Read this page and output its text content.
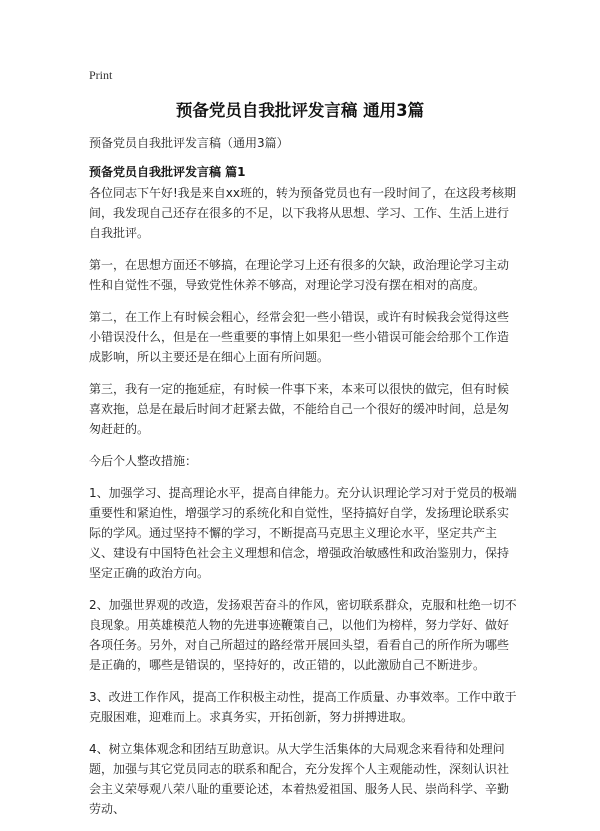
Print
预备党员自我批评发言稿 通用3篇
预备党员自我批评发言稿（通用3篇）
预备党员自我批评发言稿 篇1

各位同志下午好!我是来自xx班的，转为预备党员也有一段时间了，在这段考核期间，我发现自己还存在很多的不足，以下我将从思想、学习、工作、生活上进行自我批评。

第一，在思想方面还不够搞，在理论学习上还有很多的欠缺，政治理论学习主动性和自觉性不强，导致党性休养不够高，对理论学习没有摆在相对的高度。

第二，在工作上有时候会粗心，经常会犯一些小错误，或许有时候我会觉得这些小错误没什么，但是在一些重要的事情上如果犯一些小错误可能会给那个工作造成影响，所以主要还是在细心上面有所问题。

第三，我有一定的拖延症，有时候一件事下来，本来可以很快的做完，但有时候喜欢拖，总是在最后时间才赶紧去做，不能给自己一个很好的缓冲时间，总是匆匆赶赶的。

今后个人整改措施：

1、加强学习、提高理论水平，提高自律能力。充分认识理论学习对于党员的极端重要性和紧迫性，增强学习的系统化和自觉性，坚持搞好自学，发扬理论联系实际的学风。通过坚持不懈的学习，不断提高马克思主义理论水平，坚定共产主义、建设有中国特色社会主义理想和信念，增强政治敏感性和政治鉴别力，保持坚定正确的政治方向。

2、加强世界观的改造，发扬艰苦奋斗的作风，密切联系群众，克服和杜绝一切不良现象。用英雄模范人物的先进事迹鞭策自己，以他们为榜样，努力学好、做好各项任务。另外，对自己所超过的路经常开展回头望，看看自己的所作所为哪些是正确的，哪些是错误的，坚持好的，改正错的，以此激励自己不断进步。

3、改进工作作风，提高工作积极主动性，提高工作质量、办事效率。工作中敢于克服困难，迎难而上。求真务实，开拓创新，努力拼搏进取。

4、树立集体观念和团结互助意识。从大学生活集体的大局观念来看待和处理问题，加强与其它党员同志的联系和配合，充分发挥个人主观能动性，深刻认识社会主义荣辱观八荣八耻的重要论述，本着热爱祖国、服务人民、崇尚科学、辛勤劳动、
